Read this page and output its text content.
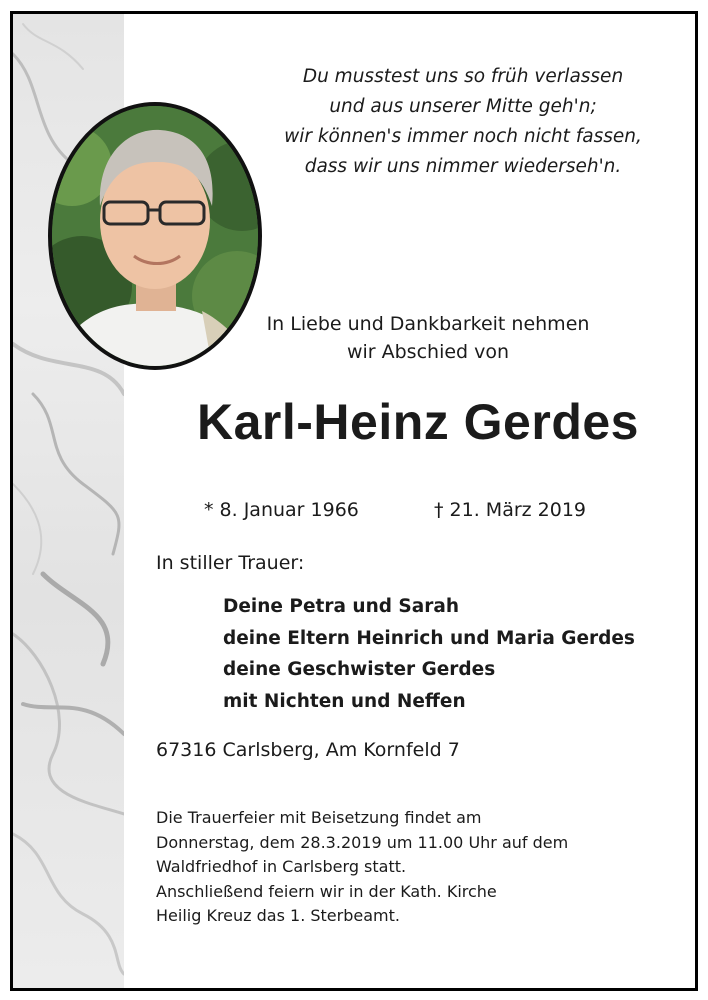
Du musstest uns so früh verlassen
und aus unserer Mitte geh'n;
wir können's immer noch nicht fassen,
dass wir uns nimmer wiederseh'n.
In Liebe und Dankbarkeit nehmen
wir Abschied von
Karl-Heinz Gerdes
* 8. Januar 1966	† 21. März 2019
In stiller Trauer:
Deine Petra und Sarah
deine Eltern Heinrich und Maria Gerdes
deine Geschwister Gerdes
mit Nichten und Neffen
67316 Carlsberg, Am Kornfeld 7
Die Trauerfeier mit Beisetzung findet am
Donnerstag, dem 28.3.2019 um 11.00 Uhr auf dem
Waldfriedhof in Carlsberg statt.
Anschließend feiern wir in der Kath. Kirche
Heilig Kreuz das 1. Sterbeamt.
